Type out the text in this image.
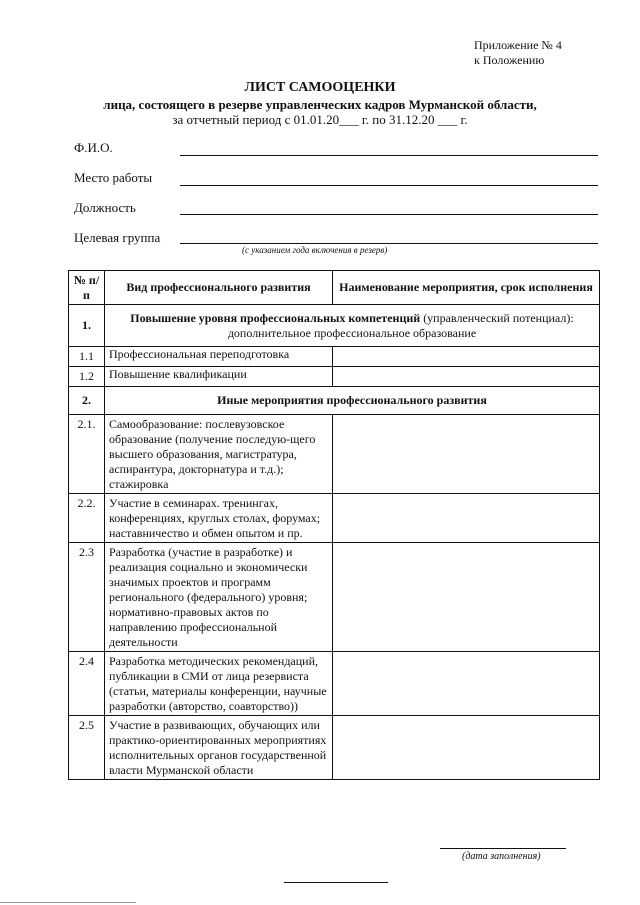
Приложение № 4
к Положению
ЛИСТ САМООЦЕНКИ
лица, состоящего в резерве управленческих кадров Мурманской области,
за отчетный период с 01.01.20___ г. по 31.12.20 ___ г.
Ф.И.О.
Место работы
Должность
Целевая группа
(с указанием года включения в резерв)
№ п/п	Вид профессионального развития	Наименование мероприятия, срок исполнения
1.	Повышение уровня профессиональных компетенций (управленческий потенциал): дополнительное профессиональное образование	
1.1	Профессиональная переподготовка	
1.2	Повышение квалификации	
2.	Иные мероприятия профессионального развития	
2.1.	Самообразование: послевузовское образование (получение последую-щего высшего образования, магистратура, аспирантура, докторнатура и т.д.); стажировка	
2.2.	Участие в семинарах. тренингах, конференциях, круглых столах, форумах; наставничество и обмен опытом и пр.	
2.3	Разработка (участие в разработке) и реализация социально и экономически значимых проектов и программ регионального (федерального) уровня; нормативно-правовых актов по направлению профессиональной деятельности	
2.4	Разработка методических рекомендаций, публикации в СМИ от лица резервиста (статьи, материалы конференции, научные разработки (авторство, соавторство))	
2.5	Участие в развивающих, обучающих или практико-ориентированных мероприятиях исполнительных органов государственной власти Мурманской области	
(дата заполнения)
